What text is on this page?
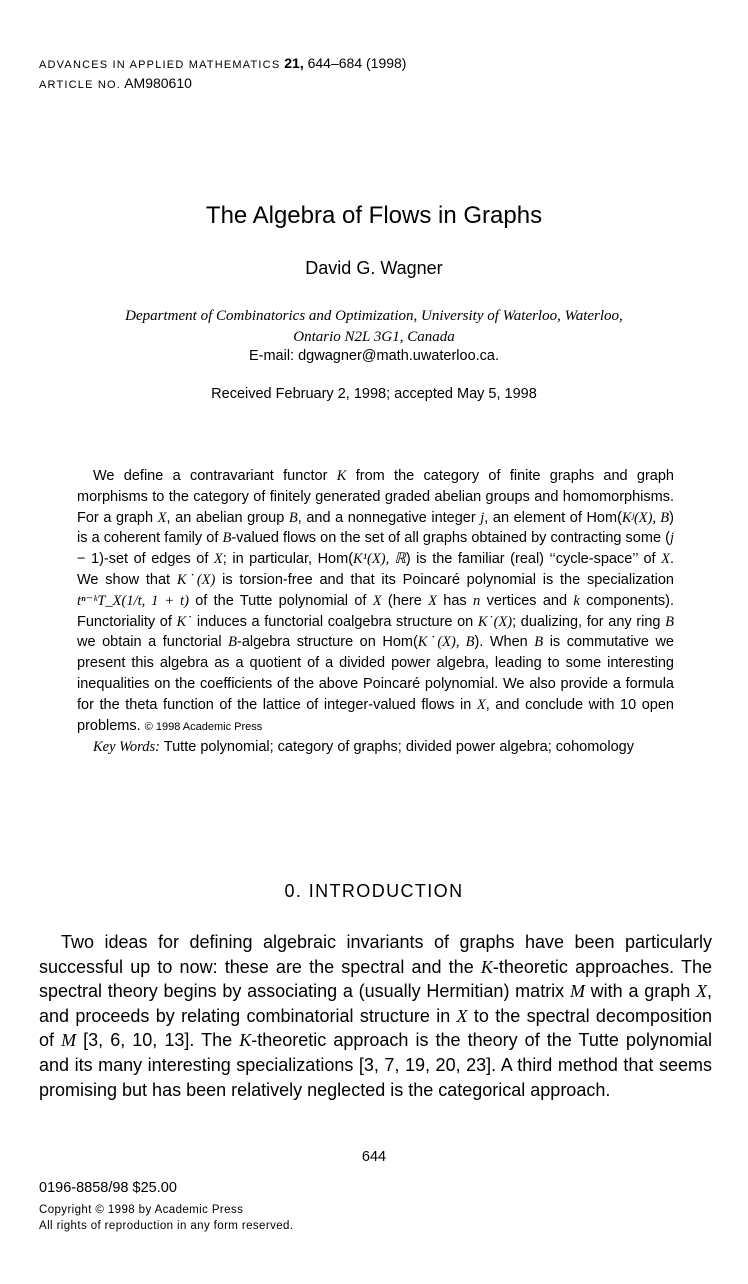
ADVANCES IN APPLIED MATHEMATICS 21, 644–684 (1998)
ARTICLE NO. AM980610
The Algebra of Flows in Graphs
David G. Wagner
Department of Combinatorics and Optimization, University of Waterloo, Waterloo,
Ontario N2L 3G1, Canada
E-mail: dgwagner@math.uwaterloo.ca.
Received February 2, 1998; accepted May 5, 1998

We define a contravariant functor K from the category of finite graphs and graph morphisms to the category of finitely generated graded abelian groups and homomorphisms. For a graph X, an abelian group B, and a nonnegative integer j, an element of Hom(Kʲ(X), B) is a coherent family of B-valued flows on the set of all graphs obtained by contracting some (j − 1)-set of edges of X; in particular, Hom(K¹(X), ℝ) is the familiar (real) ‘‘cycle-space’’ of X. We show that K˙(X) is torsion-free and that its Poincaré polynomial is the specialization tⁿ⁻ᵏT_X(1/t, 1 + t) of the Tutte polynomial of X (here X has n vertices and k components). Functoriality of K˙ induces a functorial coalgebra structure on K˙(X); dualizing, for any ring B we obtain a functorial B-algebra structure on Hom(K˙(X), B). When B is commutative we present this algebra as a quotient of a divided power algebra, leading to some interesting inequalities on the coefficients of the above Poincaré polynomial. We also provide a formula for the theta function of the lattice of integer-valued flows in X, and conclude with 10 open problems. © 1998 Academic Press

Key Words: Tutte polynomial; category of graphs; divided power algebra; cohomology

0. INTRODUCTION

Two ideas for defining algebraic invariants of graphs have been particularly successful up to now: these are the spectral and the K-theoretic approaches. The spectral theory begins by associating a (usually Hermitian) matrix M with a graph X, and proceeds by relating combinatorial structure in X to the spectral decomposition of M [3, 6, 10, 13]. The K-theoretic approach is the theory of the Tutte polynomial and its many interesting specializations [3, 7, 19, 20, 23]. A third method that seems promising but has been relatively neglected is the categorical approach.

644
0196-8858/98 $25.00
Copyright © 1998 by Academic Press
All rights of reproduction in any form reserved.
